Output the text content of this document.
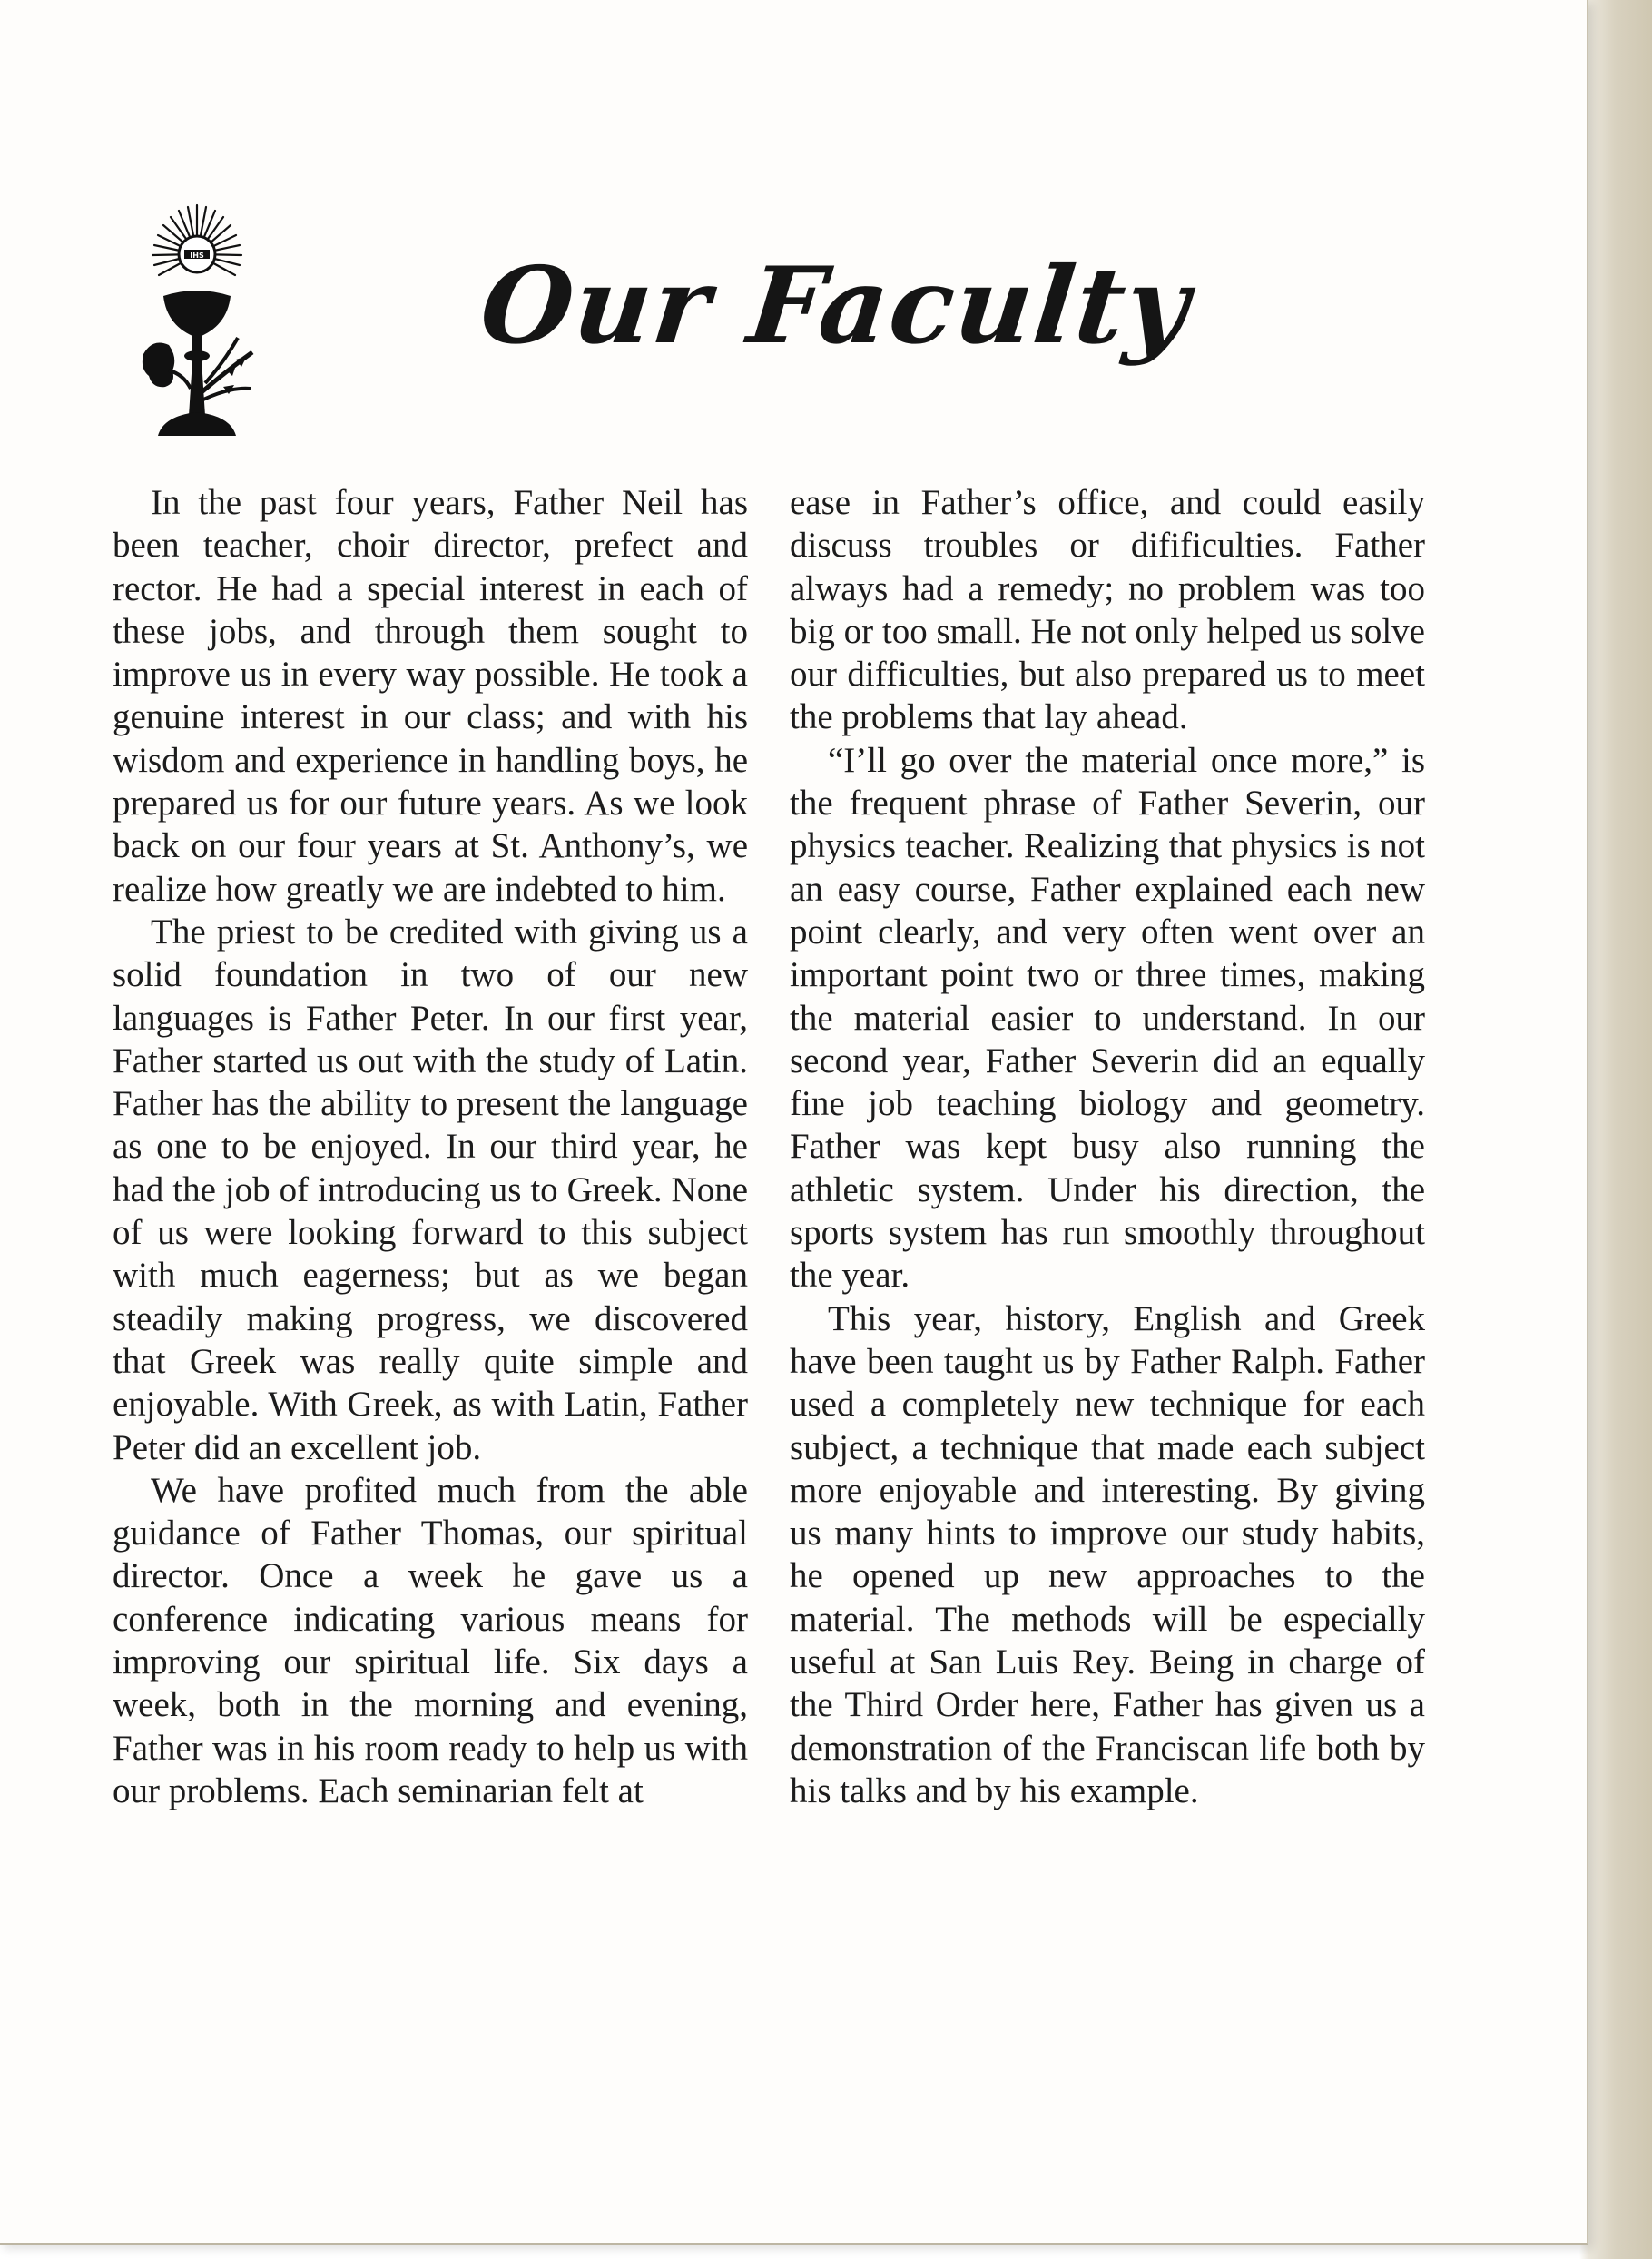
IHS	Our Faculty

In the past four years, Father Neil has been teacher, choir director, prefect and rector. He had a special interest in each of these jobs, and through them sought to improve us in every way possible. He took a genuine interest in our class; and with his wisdom and experience in handling boys, he prepared us for our future years. As we look back on our four years at St. Anthony’s, we realize how greatly we are indebted to him.

The priest to be credited with giving us a solid foundation in two of our new languages is Father Peter. In our first year, Father started us out with the study of Latin. Father has the ability to present the language as one to be enjoyed. In our third year, he had the job of introducing us to Greek. None of us were looking forward to this subject with much eagerness; but as we began steadily making progress, we discovered that Greek was really quite simple and enjoyable. With Greek, as with Latin, Father Peter did an excellent job.

We have profited much from the able guidance of Father Thomas, our spiritual director. Once a week he gave us a conference indicating various means for improving our spiritual life. Six days a week, both in the morning and evening, Father was in his room ready to help us with our problems. Each seminarian felt at

ease in Father’s office, and could easily discuss troubles or difificulties. Father always had a remedy; no problem was too big or too small. He not only helped us solve our difficulties, but also prepared us to meet the problems that lay ahead.

“I’ll go over the material once more,” is the frequent phrase of Father Severin, our physics teacher. Realizing that physics is not an easy course, Father explained each new point clearly, and very often went over an important point two or three times, making the material easier to understand. In our second year, Father Severin did an equally fine job teaching biology and geometry. Father was kept busy also running the athletic system. Under his direction, the sports system has run smoothly throughout the year.

This year, history, English and Greek have been taught us by Father Ralph. Father used a completely new technique for each subject, a technique that made each subject more enjoyable and interesting. By giving us many hints to improve our study habits, he opened up new approaches to the material. The methods will be especially useful at San Luis Rey. Being in charge of the Third Order here, Father has given us a demonstration of the Franciscan life both by his talks and by his example.
